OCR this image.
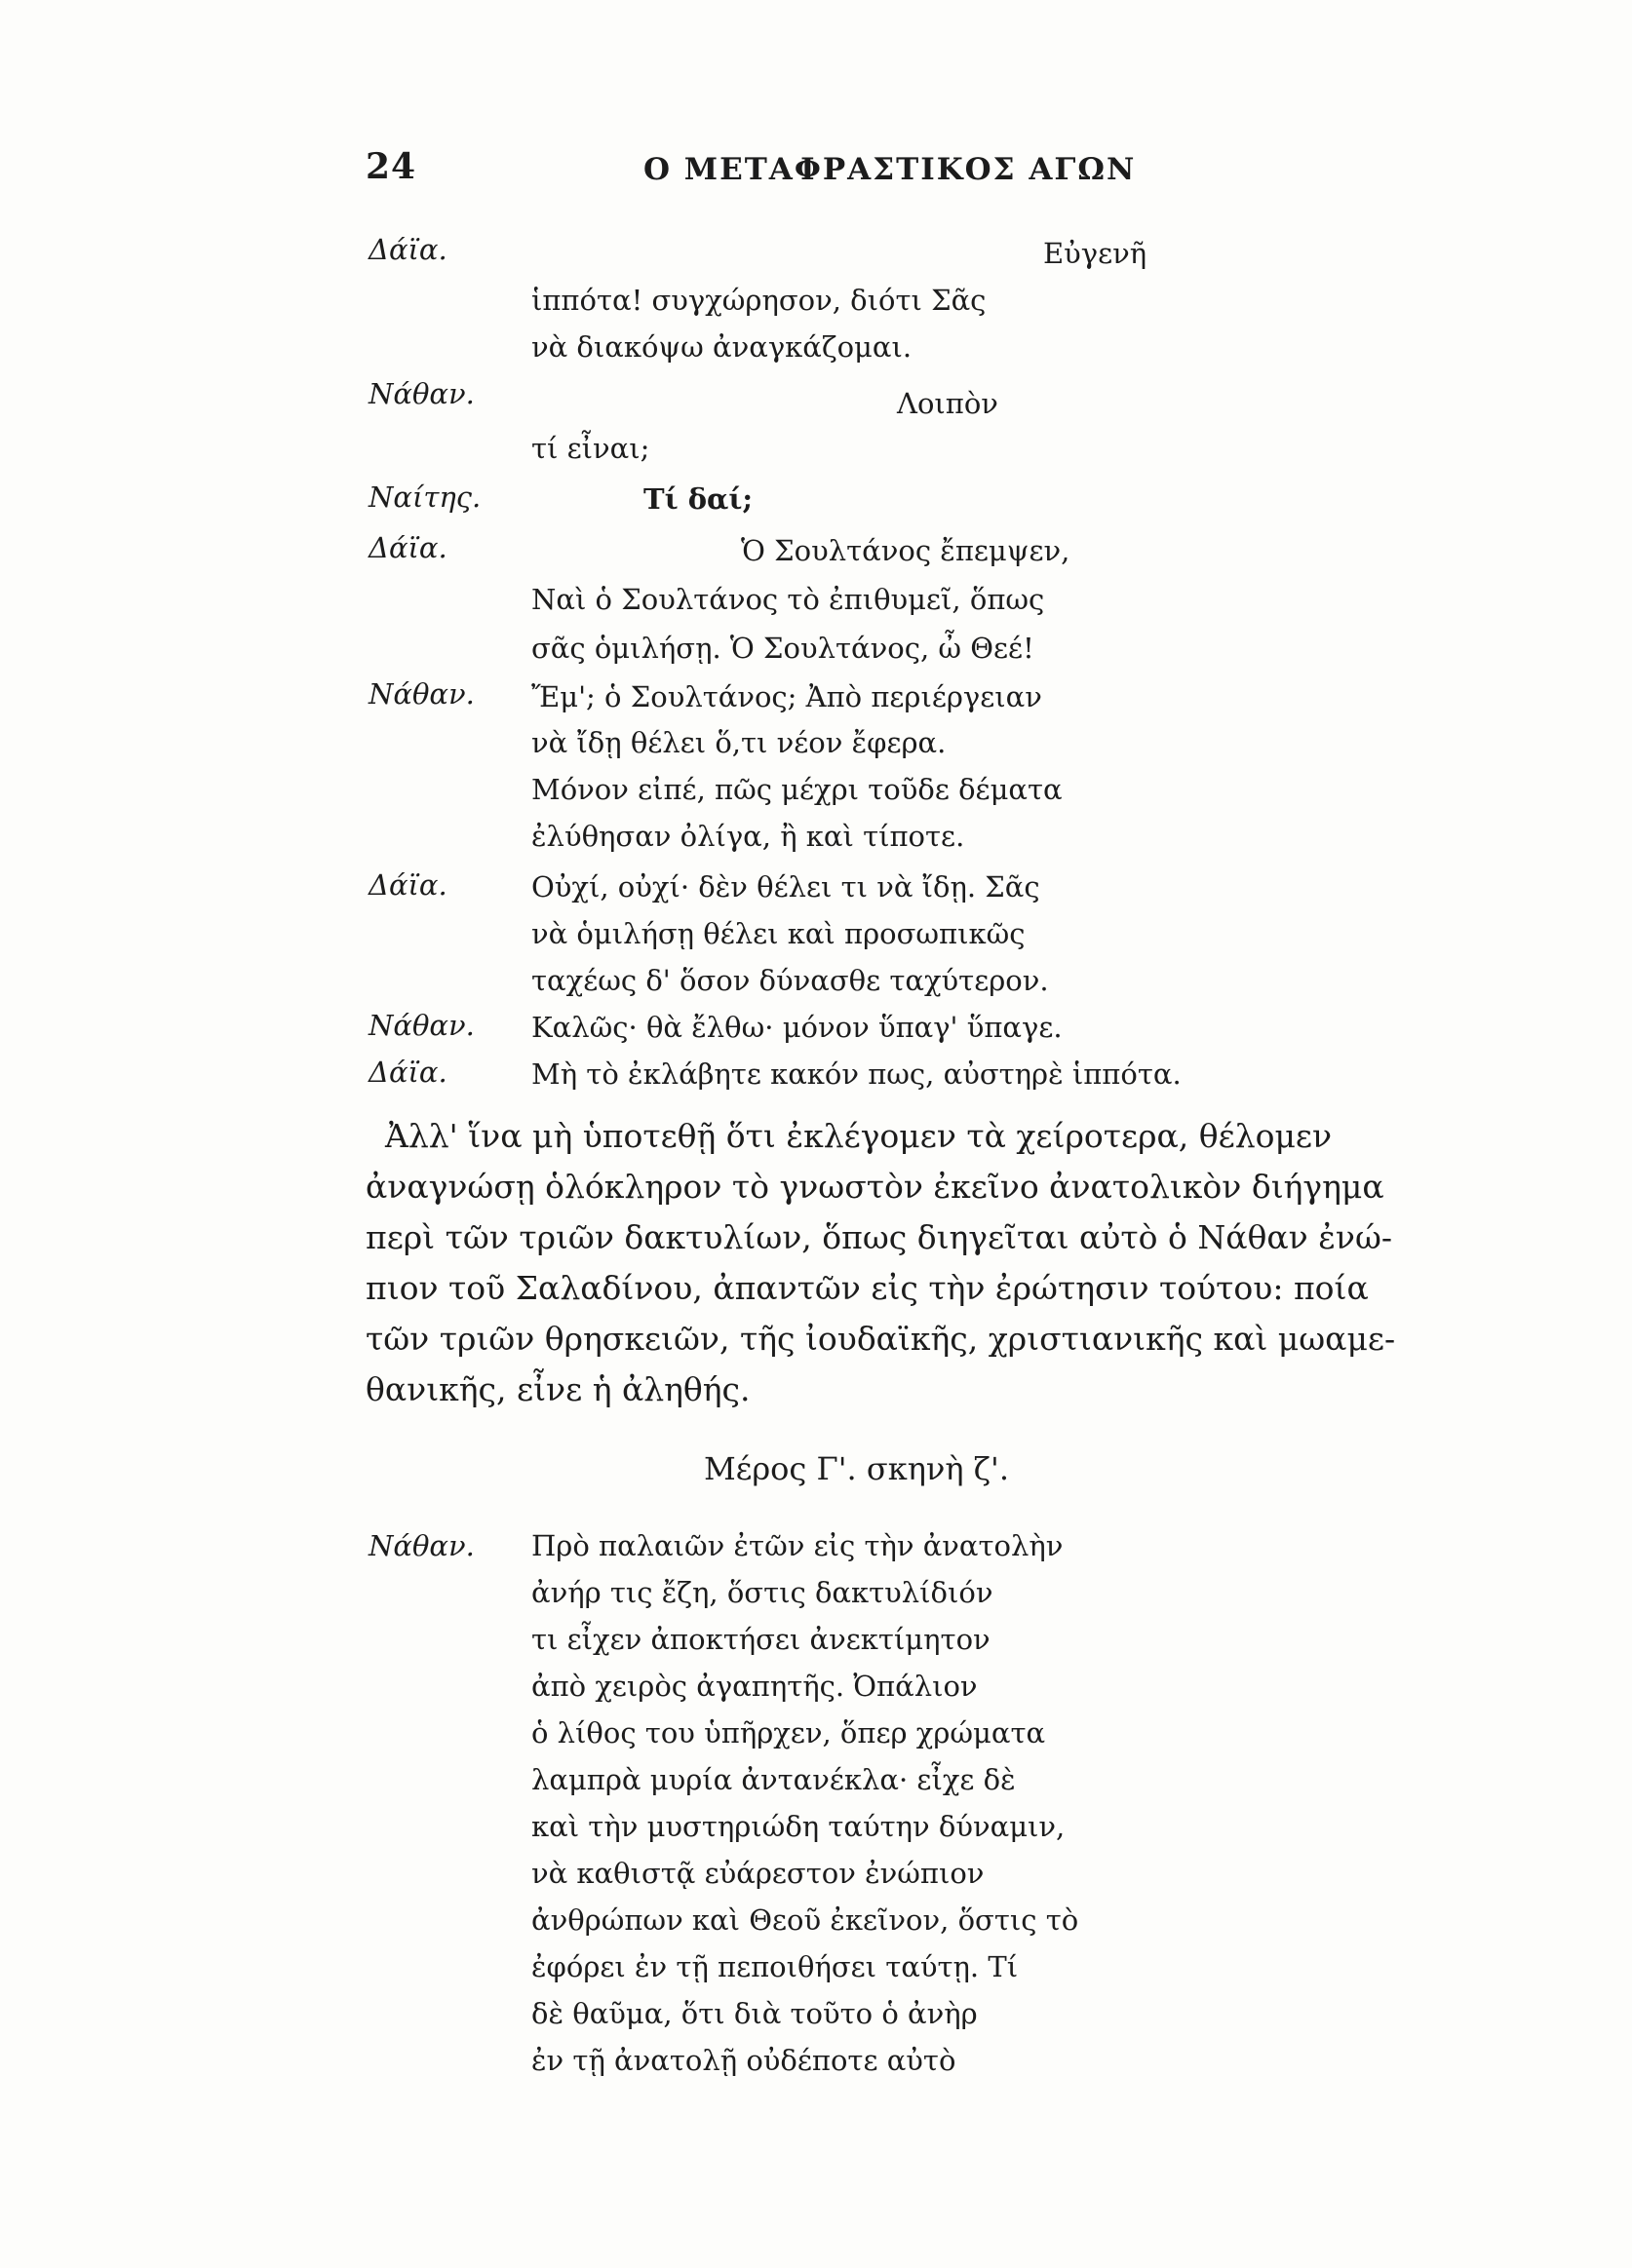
24	Ο ΜΕΤΑΦΡΑΣΤΙΚΟΣ ΑΓΩΝ
Δάϊα.	Εὐγενῆ
ἱππότα! συγχώρησον, διότι Σᾶς
νὰ διακόψω ἀναγκάζομαι.
Νάθαν.	Λοιπὸν
τί εἶναι;
Ναίτης.	Τί δαί;
Δάϊα.	Ὁ Σουλτάνος ἔπεμψεν,
Ναὶ ὁ Σουλτάνος τὸ ἐπιθυμεῖ, ὅπως
σᾶς ὁμιλήσῃ. Ὁ Σουλτάνος, ὦ Θεέ!
Νάθαν. Ἔμ'; ὁ Σουλτάνος; Ἀπὸ περιέργειαν
νὰ ἴδῃ θέλει ὅ,τι νέον ἔφερα.
Μόνον εἰπέ, πῶς μέχρι τοῦδε δέματα
ἐλύθησαν ὀλίγα, ἢ καὶ τίποτε.
Δάϊα.	Οὐχί, οὐχί· δὲν θέλει τι νὰ ἴδῃ. Σᾶς
νὰ ὁμιλήσῃ θέλει καὶ προσωπικῶς
ταχέως δ' ὅσον δύνασθε ταχύτερον.
Νάθαν. Καλῶς· θὰ ἔλθω· μόνον ὕπαγ' ὕπαγε.
Δάϊα.	Μὴ τὸ ἐκλάβητε κακόν πως, αὐστηρὲ ἱππότα.
Ἀλλ' ἵνα μὴ ὑποτεθῇ ὅτι ἐκλέγομεν τὰ χείροτερα, θέλομεν
ἀναγνώσῃ ὁλόκληρον τὸ γνωστὸν ἐκεῖνο ἀνατολικὸν διήγημα
περὶ τῶν τριῶν δακτυλίων, ὅπως διηγεῖται αὐτὸ ὁ Νάθαν ἐνώ-
πιον τοῦ Σαλαδίνου, ἀπαντῶν εἰς τὴν ἐρώτησιν τούτου: ποία
τῶν τριῶν θρησκειῶν, τῆς ἰουδαϊκῆς, χριστιανικῆς καὶ μωαμε-
θανικῆς, εἶνε ἡ ἀληθής.
Μέρος Γ'. σκηνὴ ζ'.
Νάθαν. Πρὸ παλαιῶν ἐτῶν εἰς τὴν ἀνατολὴν
ἀνήρ τις ἔζη, ὅστις δακτυλίδιόν
τι εἶχεν ἀποκτήσει ἀνεκτίμητον
ἀπὸ χειρὸς ἀγαπητῆς. Ὀπάλιον
ὁ λίθος του ὑπῆρχεν, ὅπερ χρώματα
λαμπρὰ μυρία ἀντανέκλα· εἶχε δὲ
καὶ τὴν μυστηριώδη ταύτην δύναμιν,
νὰ καθιστᾷ εὐάρεστον ἐνώπιον
ἀνθρώπων καὶ Θεοῦ ἐκεῖνον, ὅστις τὸ
ἐφόρει ἐν τῇ πεποιθήσει ταύτῃ. Τί
δὲ θαῦμα, ὅτι διὰ τοῦτο ὁ ἀνὴρ
ἐν τῇ ἀνατολῇ οὐδέποτε αὐτὸ
